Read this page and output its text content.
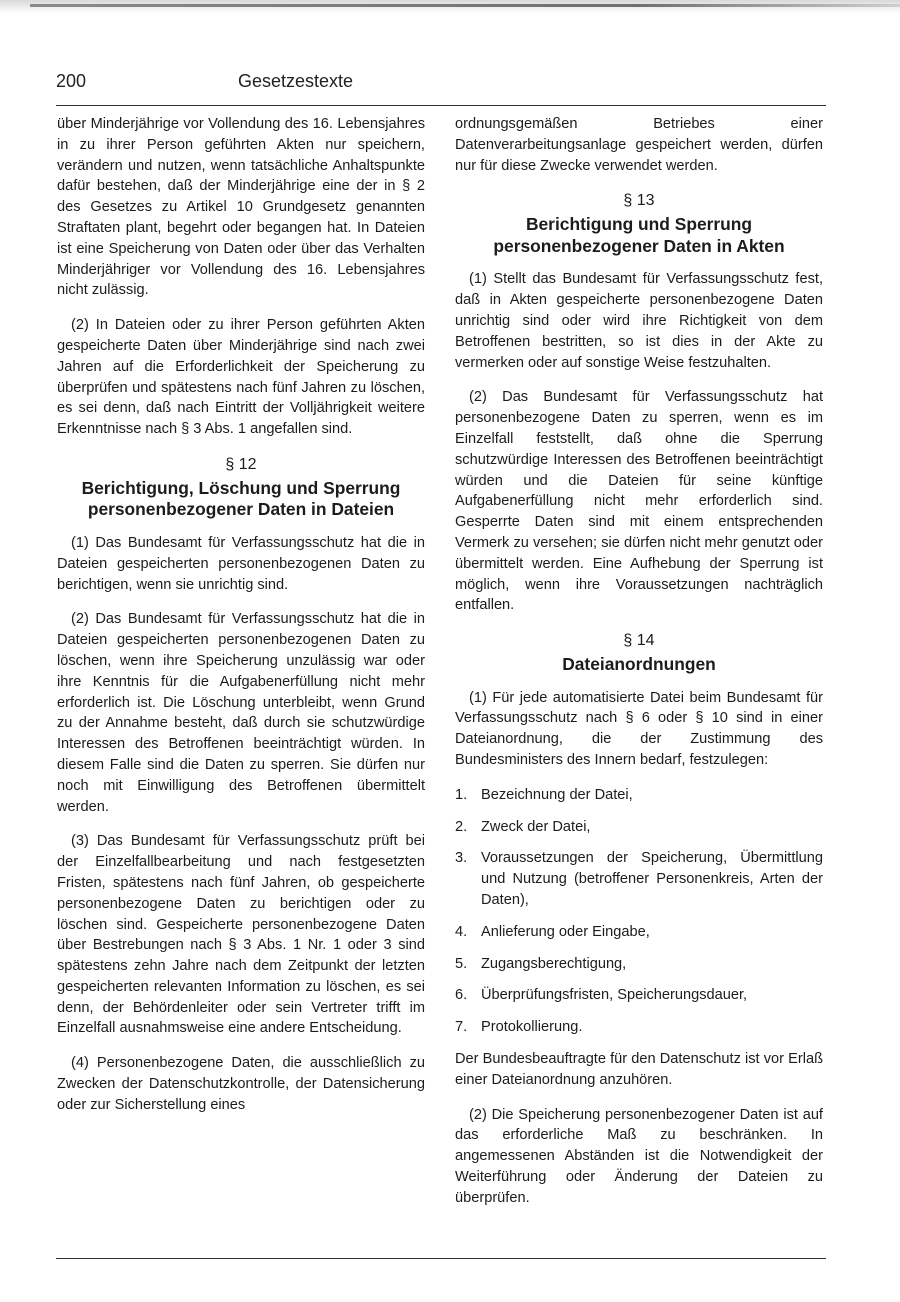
200	Gesetzestexte

über Minderjährige vor Vollendung des 16. Lebensjahres in zu ihrer Person geführten Akten nur speichern, verändern und nutzen, wenn tatsächliche Anhaltspunkte dafür bestehen, daß der Minderjährige eine der in § 2 des Gesetzes zu Artikel 10 Grundgesetz genannten Straftaten plant, begehrt oder begangen hat. In Dateien ist eine Speicherung von Daten oder über das Verhalten Minderjähriger vor Vollendung des 16. Lebensjahres nicht zulässig.

(2) In Dateien oder zu ihrer Person geführten Akten gespeicherte Daten über Minderjährige sind nach zwei Jahren auf die Erforderlichkeit der Speicherung zu überprüfen und spätestens nach fünf Jahren zu löschen, es sei denn, daß nach Eintritt der Volljährigkeit weitere Erkenntnisse nach § 3 Abs. 1 angefallen sind.

§ 12
Berichtigung, Löschung und Sperrung personenbezogener Daten in Dateien

(1) Das Bundesamt für Verfassungsschutz hat die in Dateien gespeicherten personenbezogenen Daten zu berichtigen, wenn sie unrichtig sind.

(2) Das Bundesamt für Verfassungsschutz hat die in Dateien gespeicherten personenbezogenen Daten zu löschen, wenn ihre Speicherung unzulässig war oder ihre Kenntnis für die Aufgabenerfüllung nicht mehr erforderlich ist. Die Löschung unterbleibt, wenn Grund zu der Annahme besteht, daß durch sie schutzwürdige Interessen des Betroffenen beeinträchtigt würden. In diesem Falle sind die Daten zu sperren. Sie dürfen nur noch mit Einwilligung des Betroffenen übermittelt werden.

(3) Das Bundesamt für Verfassungsschutz prüft bei der Einzelfallbearbeitung und nach festgesetzten Fristen, spätestens nach fünf Jahren, ob gespeicherte personenbezogene Daten zu berichtigen oder zu löschen sind. Gespeicherte personenbezogene Daten über Bestrebungen nach § 3 Abs. 1 Nr. 1 oder 3 sind spätestens zehn Jahre nach dem Zeitpunkt der letzten gespeicherten relevanten Information zu löschen, es sei denn, der Behördenleiter oder sein Vertreter trifft im Einzelfall ausnahmsweise eine andere Entscheidung.

(4) Personenbezogene Daten, die ausschließlich zu Zwecken der Datenschutzkontrolle, der Datensicherung oder zur Sicherstellung eines

ordnungsgemäßen Betriebes einer Datenverarbeitungsanlage gespeichert werden, dürfen nur für diese Zwecke verwendet werden.

§ 13
Berichtigung und Sperrung personenbezogener Daten in Akten

(1) Stellt das Bundesamt für Verfassungsschutz fest, daß in Akten gespeicherte personenbezogene Daten unrichtig sind oder wird ihre Richtigkeit von dem Betroffenen bestritten, so ist dies in der Akte zu vermerken oder auf sonstige Weise festzuhalten.

(2) Das Bundesamt für Verfassungsschutz hat personenbezogene Daten zu sperren, wenn es im Einzelfall feststellt, daß ohne die Sperrung schutzwürdige Interessen des Betroffenen beeinträchtigt würden und die Dateien für seine künftige Aufgabenerfüllung nicht mehr erforderlich sind. Gesperrte Daten sind mit einem entsprechenden Vermerk zu versehen; sie dürfen nicht mehr genutzt oder übermittelt werden. Eine Aufhebung der Sperrung ist möglich, wenn ihre Voraussetzungen nachträglich entfallen.

§ 14
Dateianordnungen

(1) Für jede automatisierte Datei beim Bundesamt für Verfassungsschutz nach § 6 oder § 10 sind in einer Dateianordnung, die der Zustimmung des Bundesministers des Innern bedarf, festzulegen:

1. Bezeichnung der Datei,
2. Zweck der Datei,
3. Voraussetzungen der Speicherung, Übermittlung und Nutzung (betroffener Personenkreis, Arten der Daten),
4. Anlieferung oder Eingabe,
5. Zugangsberechtigung,
6. Überprüfungsfristen, Speicherungsdauer,
7. Protokollierung.

Der Bundesbeauftragte für den Datenschutz ist vor Erlaß einer Dateianordnung anzuhören.

(2) Die Speicherung personenbezogener Daten ist auf das erforderliche Maß zu beschränken. In angemessenen Abständen ist die Notwendigkeit der Weiterführung oder Änderung der Dateien zu überprüfen.
